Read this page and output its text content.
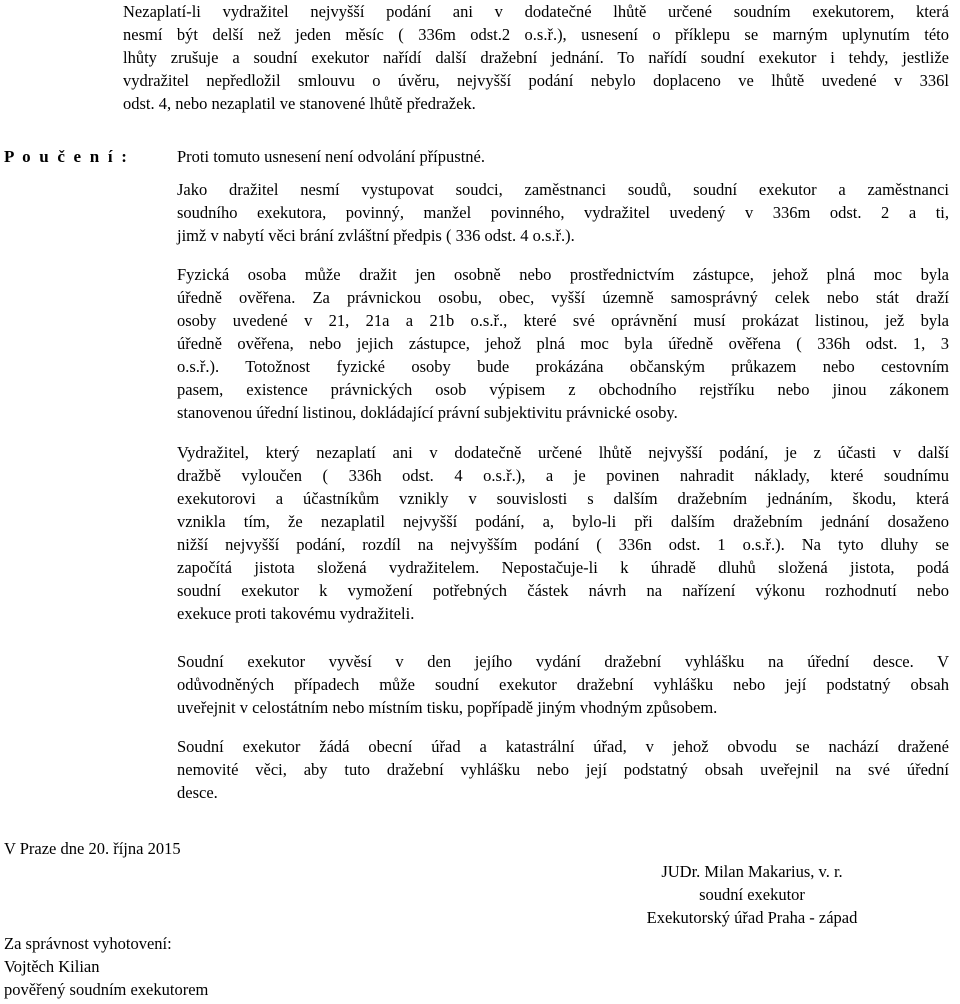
Nezaplatí-li vydražitel nejvyšší podání ani v dodatečné lhůtě určené soudním exekutorem, která
nesmí být delší než jeden měsíc ( 336m odst.2 o.s.ř.), usnesení o příklepu se marným uplynutím této
lhůty zrušuje a soudní exekutor nařídí další dražební jednání. To nařídí soudní exekutor i tehdy, jestliže
vydražitel nepředložil smlouvu o úvěru, nejvyšší podání nebylo doplaceno ve lhůtě uvedené v 336l
odst. 4, nebo nezaplatil ve stanovené lhůtě předražek.
P o u č e n í :	Proti tomuto usnesení není odvolání přípustné.
Jako dražitel nesmí vystupovat soudci, zaměstnanci soudů, soudní exekutor a zaměstnanci
soudního exekutora, povinný, manžel povinného, vydražitel uvedený v 336m odst. 2 a ti,
jimž v nabytí věci brání zvláštní předpis ( 336 odst. 4 o.s.ř.).
Fyzická osoba může dražit jen osobně nebo prostřednictvím zástupce, jehož plná moc byla
úředně ověřena. Za právnickou osobu, obec, vyšší územně samosprávný celek nebo stát draží
osoby uvedené v 21, 21a a 21b o.s.ř., které své oprávnění musí prokázat listinou, jež byla
úředně ověřena, nebo jejich zástupce, jehož plná moc byla úředně ověřena ( 336h odst. 1, 3
o.s.ř.). Totožnost fyzické osoby bude prokázána občanským průkazem nebo cestovním
pasem, existence právnických osob výpisem z obchodního rejstříku nebo jinou zákonem
stanovenou úřední listinou, dokládající právní subjektivitu právnické osoby.
Vydražitel, který nezaplatí ani v dodatečně určené lhůtě nejvyšší podání, je z účasti v další
dražbě vyloučen ( 336h odst. 4 o.s.ř.), a je povinen nahradit náklady, které soudnímu
exekutorovi a účastníkům vznikly v souvislosti s dalším dražebním jednáním, škodu, která
vznikla tím, že nezaplatil nejvyšší podání, a, bylo-li při dalším dražebním jednání dosaženo
nižší nejvyšší podání, rozdíl na nejvyšším podání ( 336n odst. 1 o.s.ř.). Na tyto dluhy se
započítá jistota složená vydražitelem. Nepostačuje-li k úhradě dluhů složená jistota, podá
soudní exekutor k vymožení potřebných částek návrh na nařízení výkonu rozhodnutí nebo
exekuce proti takovému vydražiteli.
Soudní exekutor vyvěsí v den jejího vydání dražební vyhlášku na úřední desce. V
odůvodněných případech může soudní exekutor dražební vyhlášku nebo její podstatný obsah
uveřejnit v celostátním nebo místním tisku, popřípadě jiným vhodným způsobem.
Soudní exekutor žádá obecní úřad a katastrální úřad, v jehož obvodu se nachází dražené
nemovité věci, aby tuto dražební vyhlášku nebo její podstatný obsah uveřejnil na své úřední
desce.
V Praze dne 20. října 2015
JUDr. Milan Makarius, v. r.
soudní exekutor
Exekutorský úřad Praha - západ
Za správnost vyhotovení:
Vojtěch Kilian
pověřený soudním exekutorem
